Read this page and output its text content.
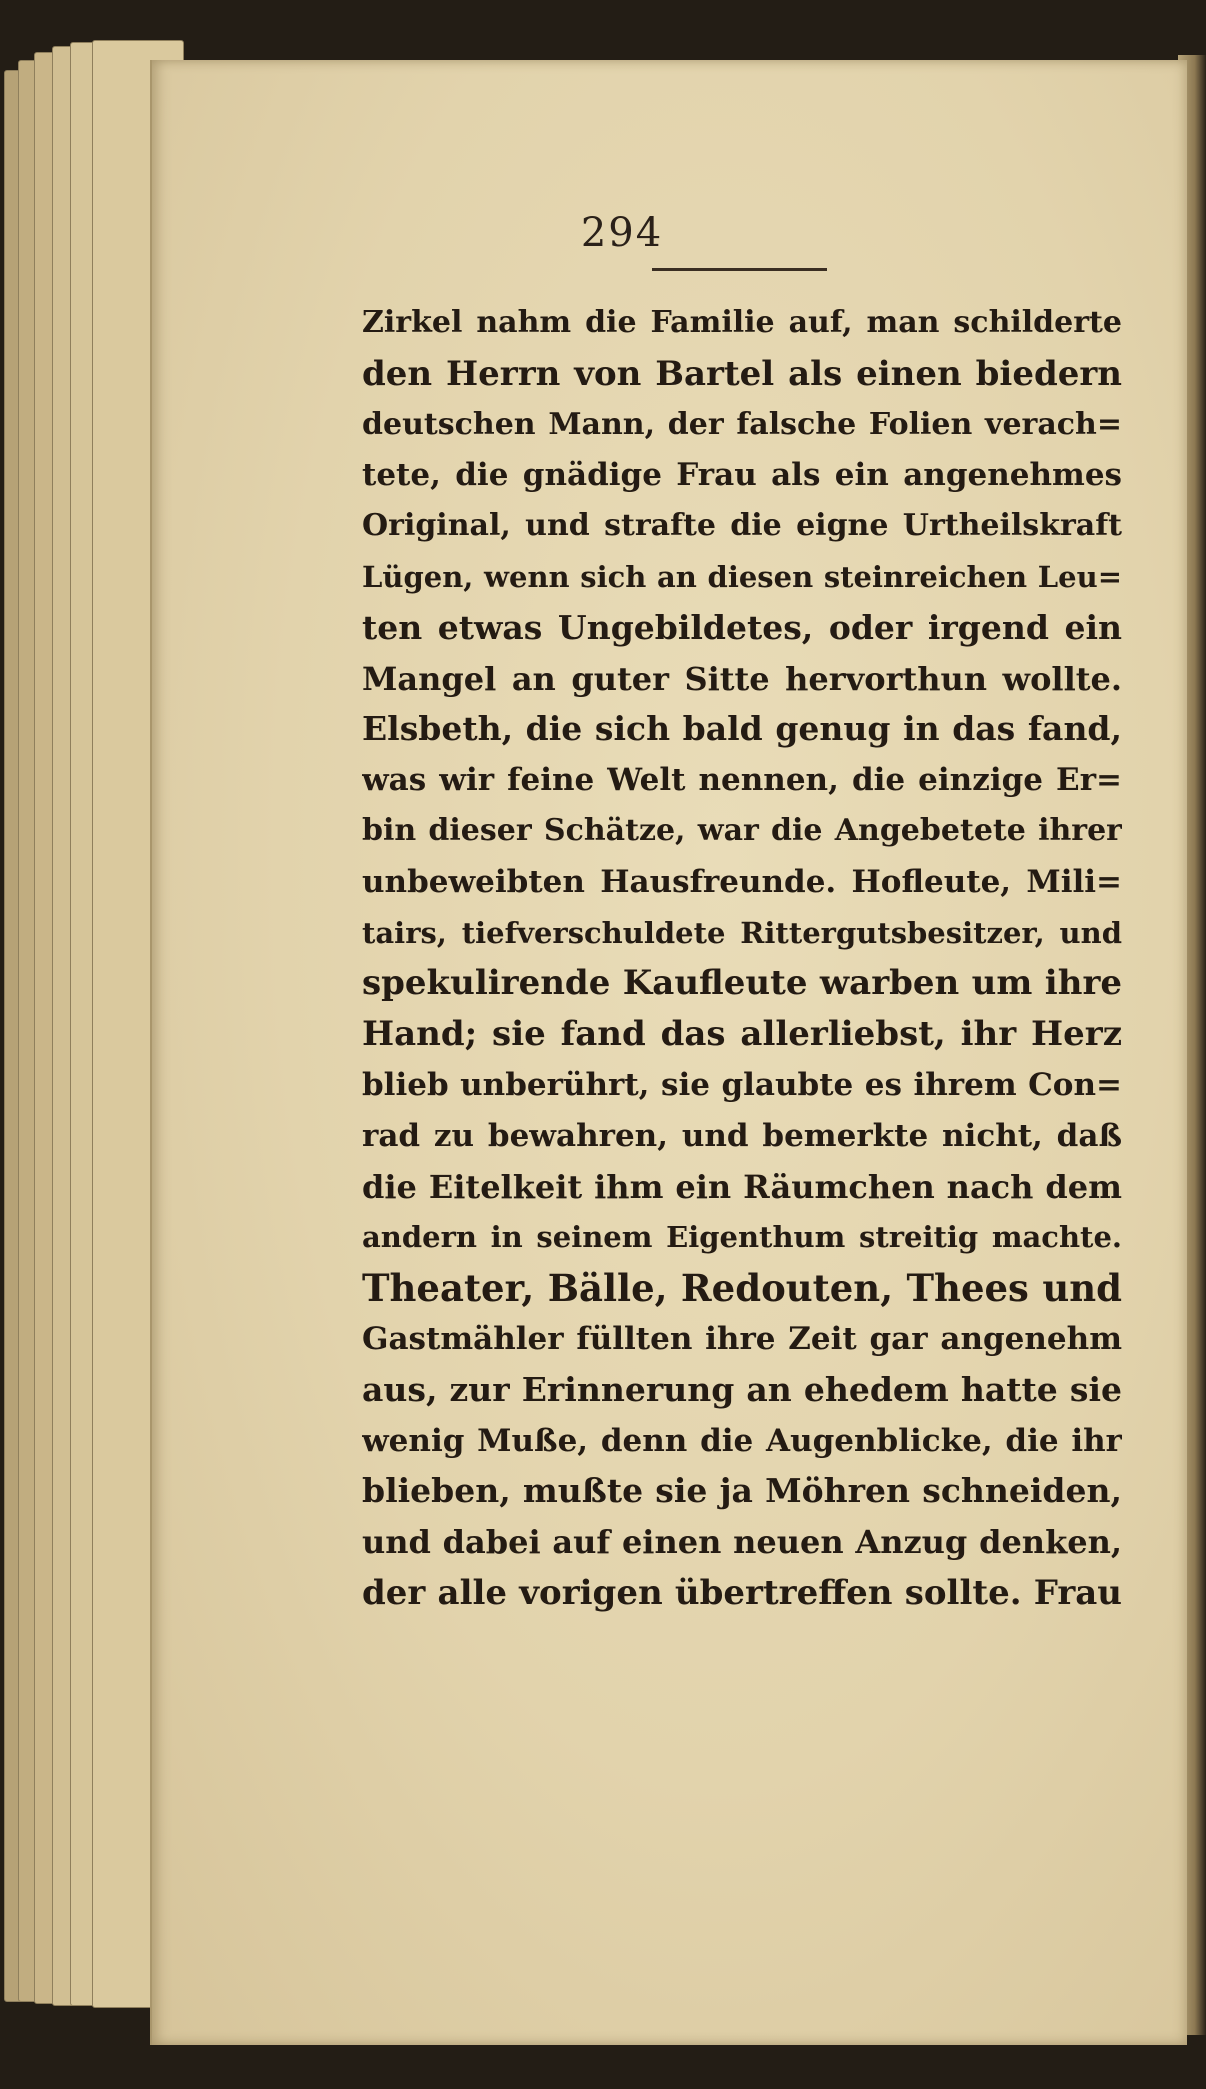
294
Zirkel nahm die Familie auf, man schilderte
den Herrn von Bartel als einen biedern
deutschen Mann, der falsche Folien verach=
tete, die gnädige Frau als ein angenehmes
Original, und strafte die eigne Urtheilskraft
Lügen, wenn sich an diesen steinreichen Leu=
ten etwas Ungebildetes, oder irgend ein
Mangel an guter Sitte hervorthun wollte.
Elsbeth, die sich bald genug in das fand,
was wir feine Welt nennen, die einzige Er=
bin dieser Schätze, war die Angebetete ihrer
unbeweibten Hausfreunde. Hofleute, Mili=
tairs, tiefverschuldete Rittergutsbesitzer, und
spekulirende Kaufleute warben um ihre
Hand; sie fand das allerliebst, ihr Herz
blieb unberührt, sie glaubte es ihrem Con=
rad zu bewahren, und bemerkte nicht, daß
die Eitelkeit ihm ein Räumchen nach dem
andern in seinem Eigenthum streitig machte.
Theater, Bälle, Redouten, Thees und
Gastmähler füllten ihre Zeit gar angenehm
aus, zur Erinnerung an ehedem hatte sie
wenig Muße, denn die Augenblicke, die ihr
blieben, mußte sie ja Möhren schneiden,
und dabei auf einen neuen Anzug denken,
der alle vorigen übertreffen sollte. Frau
